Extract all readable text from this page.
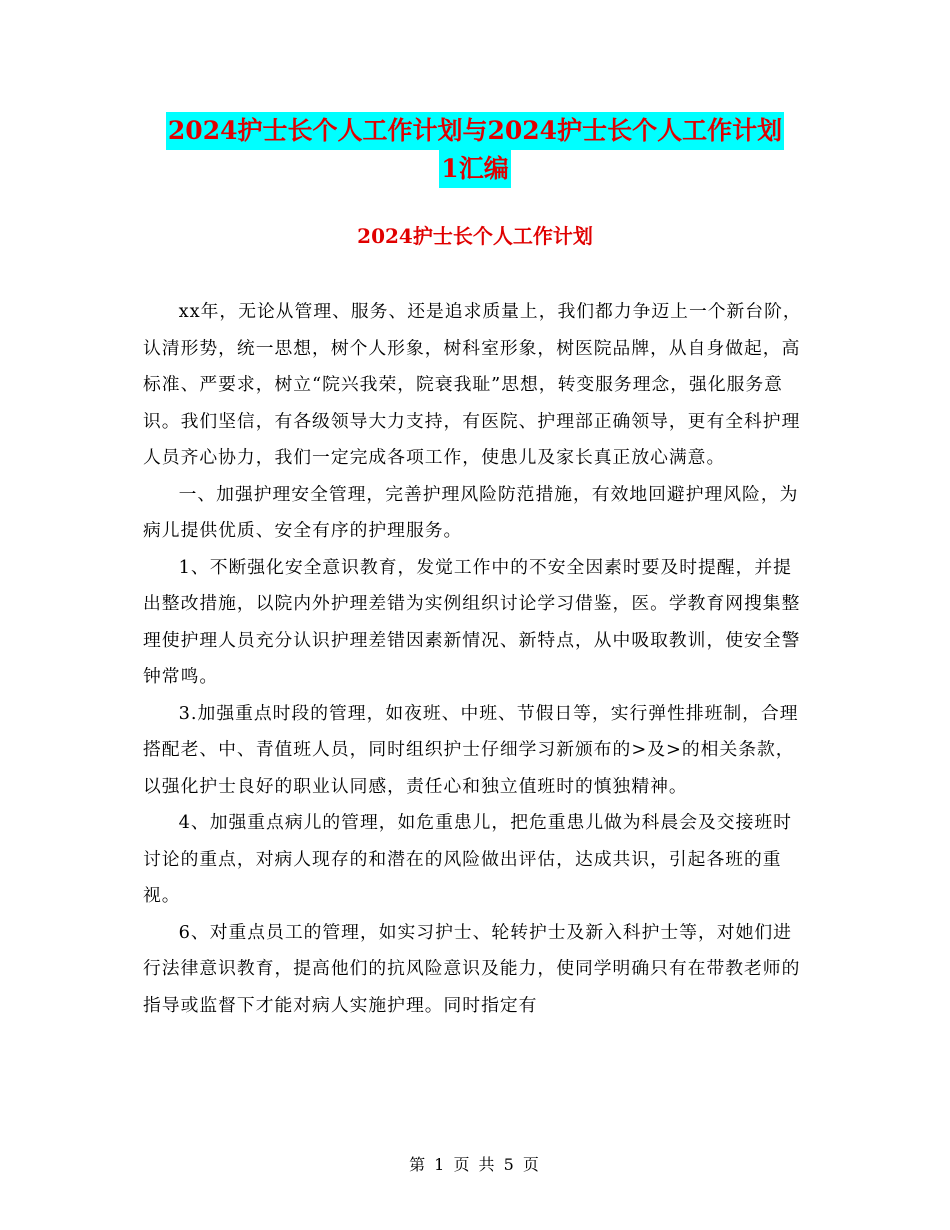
2024护士长个人工作计划与2024护士长个人工作计划
1汇编
2024护士长个人工作计划

xx年，无论从管理、服务、还是追求质量上，我们都力争迈上一个新台阶，认清形势，统一思想，树个人形象，树科室形象，树医院品牌，从自身做起，高标准、严要求，树立“院兴我荣，院衰我耻”思想，转变服务理念，强化服务意识。我们坚信，有各级领导大力支持，有医院、护理部正确领导，更有全科护理人员齐心协力，我们一定完成各项工作，使患儿及家长真正放心满意。

一、加强护理安全管理，完善护理风险防范措施，有效地回避护理风险，为病儿提供优质、安全有序的护理服务。

1、不断强化安全意识教育，发觉工作中的不安全因素时要及时提醒，并提出整改措施，以院内外护理差错为实例组织讨论学习借鉴，医。学教育网搜集整理使护理人员充分认识护理差错因素新情况、新特点，从中吸取教训，使安全警钟常鸣。

3.加强重点时段的管理，如夜班、中班、节假日等，实行弹性排班制，合理搭配老、中、青值班人员，同时组织护士仔细学习新颁布的>及>的相关条款，以强化护士良好的职业认同感，责任心和独立值班时的慎独精神。

4、加强重点病儿的管理，如危重患儿，把危重患儿做为科晨会及交接班时讨论的重点，对病人现存的和潜在的风险做出评估，达成共识，引起各班的重视。

6、对重点员工的管理，如实习护士、轮转护士及新入科护士等，对她们进行法律意识教育，提高他们的抗风险意识及能力，使同学明确只有在带教老师的指导或监督下才能对病人实施护理。同时指定有

第 1 页 共 5 页
